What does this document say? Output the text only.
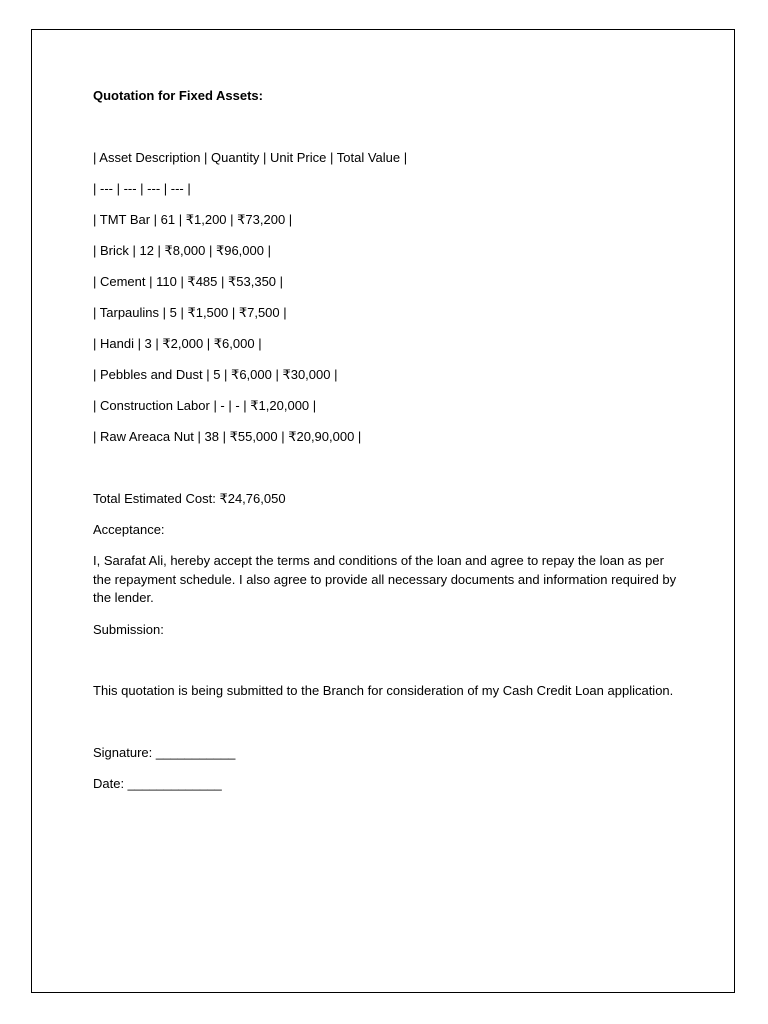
Quotation for Fixed Assets:
| Asset Description | Quantity | Unit Price | Total Value |
| --- | --- | --- | --- |
| TMT Bar | 61 | ₹1,200 | ₹73,200 |
| Brick | 12 | ₹8,000 | ₹96,000 |
| Cement | 110 | ₹485 | ₹53,350 |
| Tarpaulins | 5 | ₹1,500 | ₹7,500 |
| Handi | 3 | ₹2,000 | ₹6,000 |
| Pebbles and Dust | 5 | ₹6,000 | ₹30,000 |
| Construction Labor | - | - | ₹1,20,000 |
| Raw Areaca Nut | 38 | ₹55,000 | ₹20,90,000 |
Total Estimated Cost: ₹24,76,050
Acceptance:
I, Sarafat Ali, hereby accept the terms and conditions of the loan and agree to repay the loan as per the repayment schedule. I also agree to provide all necessary documents and information required by the lender.
Submission:
This quotation is being submitted to the Branch for consideration of my Cash Credit Loan application.
Signature: ___________
Date: _____________
